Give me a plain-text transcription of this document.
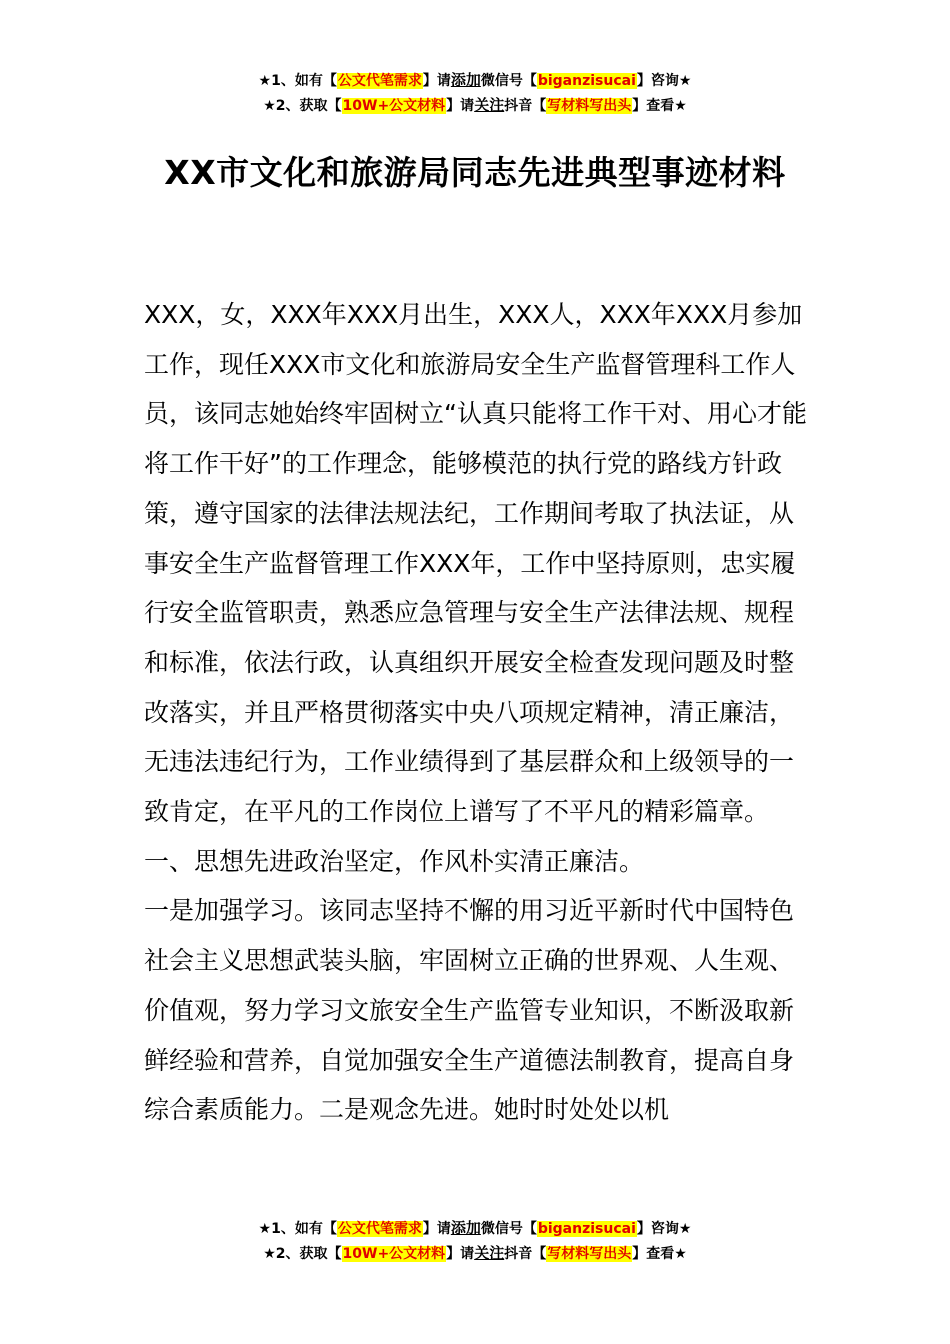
★1、如有【公文代笔需求】请添加微信号【biganzisucai】咨询★
★2、获取【10W+公文材料】请关注抖音【写材料写出头】查看★
XX市文化和旅游局同志先进典型事迹材料

XXX，女，XXX年XXX月出生，XXX人，XXX年XXX月参加工作，现任XXX市文化和旅游局安全生产监督管理科工作人员，该同志她始终牢固树立“认真只能将工作干对、用心才能将工作干好”的工作理念，能够模范的执行党的路线方针政策，遵守国家的法律法规法纪，工作期间考取了执法证，从事安全生产监督管理工作XXX年，工作中坚持原则，忠实履行安全监管职责，熟悉应急管理与安全生产法律法规、规程和标准，依法行政，认真组织开展安全检查发现问题及时整改落实，并且严格贯彻落实中央八项规定精神，清正廉洁，无违法违纪行为，工作业绩得到了基层群众和上级领导的一致肯定，在平凡的工作岗位上谱写了不平凡的精彩篇章。

一、思想先进政治坚定，作风朴实清正廉洁。

一是加强学习。该同志坚持不懈的用习近平新时代中国特色社会主义思想武装头脑，牢固树立正确的世界观、人生观、价值观，努力学习文旅安全生产监管专业知识，不断汲取新鲜经验和营养，自觉加强安全生产道德法制教育，提高自身综合素质能力。二是观念先进。她时时处处以机

★1、如有【公文代笔需求】请添加微信号【biganzisucai】咨询★
★2、获取【10W+公文材料】请关注抖音【写材料写出头】查看★
